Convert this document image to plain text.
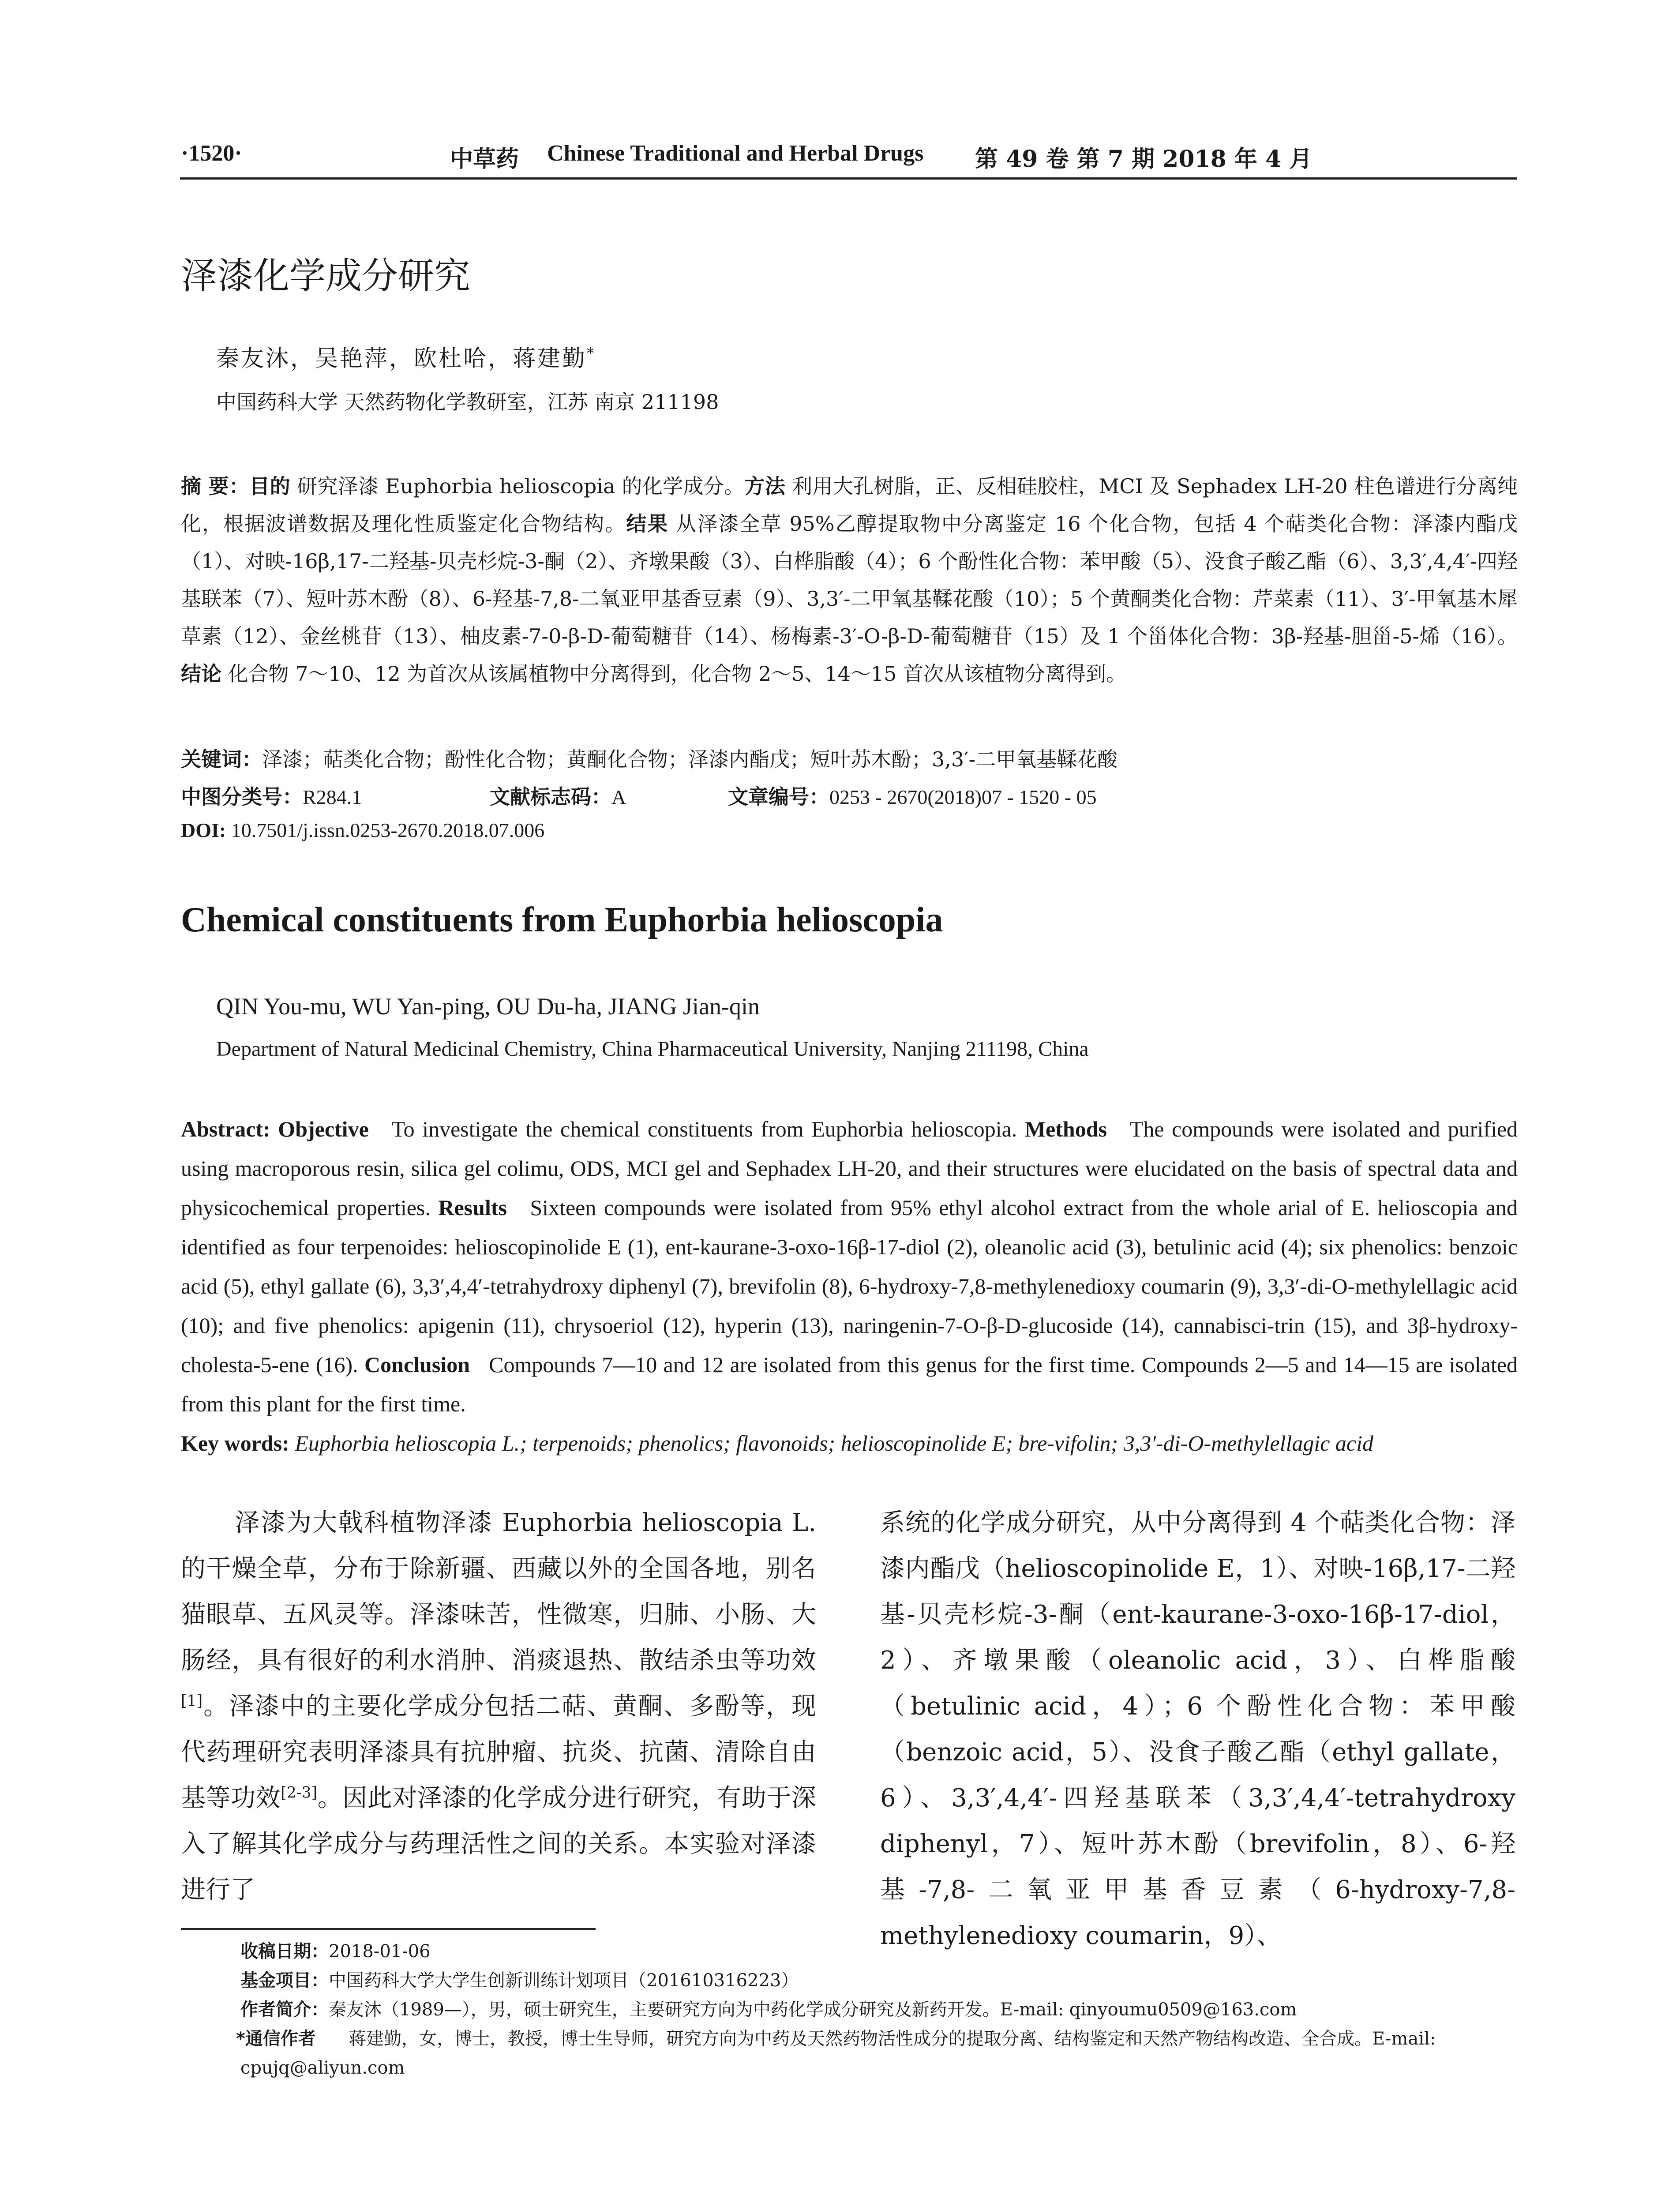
·1520·	中草药 Chinese Traditional and Herbal Drugs 第 49 卷 第 7 期 2018 年 4 月
泽漆化学成分研究
秦友沐，吴艳萍，欧杜哈，蒋建勤*
中国药科大学 天然药物化学教研室，江苏 南京 211198
摘 要：目的 研究泽漆 Euphorbia helioscopia 的化学成分。方法 利用大孔树脂，正、反相硅胶柱，MCI 及 Sephadex LH-20 柱色谱进行分离纯化，根据波谱数据及理化性质鉴定化合物结构。结果 从泽漆全草 95%乙醇提取物中分离鉴定 16 个化合物，包括 4 个萜类化合物：泽漆内酯戊（1）、对映-16β,17-二羟基-贝壳杉烷-3-酮（2）、齐墩果酸（3）、白桦脂酸（4）；6 个酚性化合物：苯甲酸（5）、没食子酸乙酯（6）、3,3′,4,4′-四羟基联苯（7）、短叶苏木酚（8）、6-羟基-7,8-二氧亚甲基香豆素（9）、3,3′-二甲氧基鞣花酸（10）；5 个黄酮类化合物：芹菜素（11）、3′-甲氧基木犀草素（12）、金丝桃苷（13）、柚皮素-7-0-β-D-葡萄糖苷（14）、杨梅素-3′-O-β-D-葡萄糖苷（15）及 1 个甾体化合物：3β-羟基-胆甾-5-烯（16）。结论 化合物 7～10、12 为首次从该属植物中分离得到，化合物 2～5、14～15 首次从该植物分离得到。
关键词：泽漆；萜类化合物；酚性化合物；黄酮化合物；泽漆内酯戊；短叶苏木酚；3,3′-二甲氧基鞣花酸
中图分类号：R284.1	文献标志码：A	文章编号：0253 - 2670(2018)07 - 1520 - 05
DOI: 10.7501/j.issn.0253-2670.2018.07.006
Chemical constituents from Euphorbia helioscopia
QIN You-mu, WU Yan-ping, OU Du-ha, JIANG Jian-qin
Department of Natural Medicinal Chemistry, China Pharmaceutical University, Nanjing 211198, China
Abstract: Objective To investigate the chemical constituents from Euphorbia helioscopia. Methods The compounds were isolated and purified using macroporous resin, silica gel colimu, ODS, MCI gel and Sephadex LH-20, and their structures were elucidated on the basis of spectral data and physicochemical properties. Results Sixteen compounds were isolated from 95% ethyl alcohol extract from the whole arial of E. helioscopia and identified as four terpenoides: helioscopinolide E (1), ent-kaurane-3-oxo-16β-17-diol (2), oleanolic acid (3), betulinic acid (4); six phenolics: benzoic acid (5), ethyl gallate (6), 3,3′,4,4′-tetrahydroxy diphenyl (7), brevifolin (8), 6-hydroxy-7,8-methylenedioxy coumarin (9), 3,3′-di-O-methylellagic acid (10); and five phenolics: apigenin (11), chrysoeriol (12), hyperin (13), naringenin-7-O-β-D-glucoside (14), cannabisci-trin (15), and 3β-hydroxy-cholesta-5-ene (16). Conclusion Compounds 7—10 and 12 are isolated from this genus for the first time. Compounds 2—5 and 14—15 are isolated from this plant for the first time.
Key words: Euphorbia helioscopia L.; terpenoids; phenolics; flavonoids; helioscopinolide E; bre-vifolin; 3,3′-di-O-methylellagic acid
泽漆为大戟科植物泽漆 Euphorbia helioscopia L. 的干燥全草，分布于除新疆、西藏以外的全国各地，别名猫眼草、五风灵等。泽漆味苦，性微寒，归肺、小肠、大肠经，具有很好的利水消肿、消痰退热、散结杀虫等功效[1]。泽漆中的主要化学成分包括二萜、黄酮、多酚等，现代药理研究表明泽漆具有抗肿瘤、抗炎、抗菌、清除自由基等功效[2-3]。因此对泽漆的化学成分进行研究，有助于深入了解其化学成分与药理活性之间的关系。本实验对泽漆进行了
系统的化学成分研究，从中分离得到 4 个萜类化合物：泽漆内酯戊（helioscopinolide E，1）、对映-16β,17-二羟基-贝壳杉烷-3-酮（ent-kaurane-3-oxo-16β-17-diol，2）、齐墩果酸（oleanolic acid，3）、白桦脂酸（betulinic acid，4）；6 个酚性化合物：苯甲酸（benzoic acid，5）、没食子酸乙酯（ethyl gallate，6）、3,3′,4,4′-四羟基联苯（3,3′,4,4′-tetrahydroxy diphenyl，7）、短叶苏木酚（brevifolin，8）、6-羟基-7,8-二氧亚甲基香豆素（6-hydroxy-7,8-methylenedioxy coumarin，9）、
收稿日期：2018-01-06
基金项目：中国药科大学大学生创新训练计划项目（201610316223）
作者简介：秦友沐（1989—），男，硕士研究生，主要研究方向为中药化学成分研究及新药开发。E-mail: qinyoumu0509@163.com
*通信作者 蒋建勤，女，博士，教授，博士生导师，研究方向为中药及天然药物活性成分的提取分离、结构鉴定和天然产物结构改造、全合成。E-mail: cpujq@aliyun.com
